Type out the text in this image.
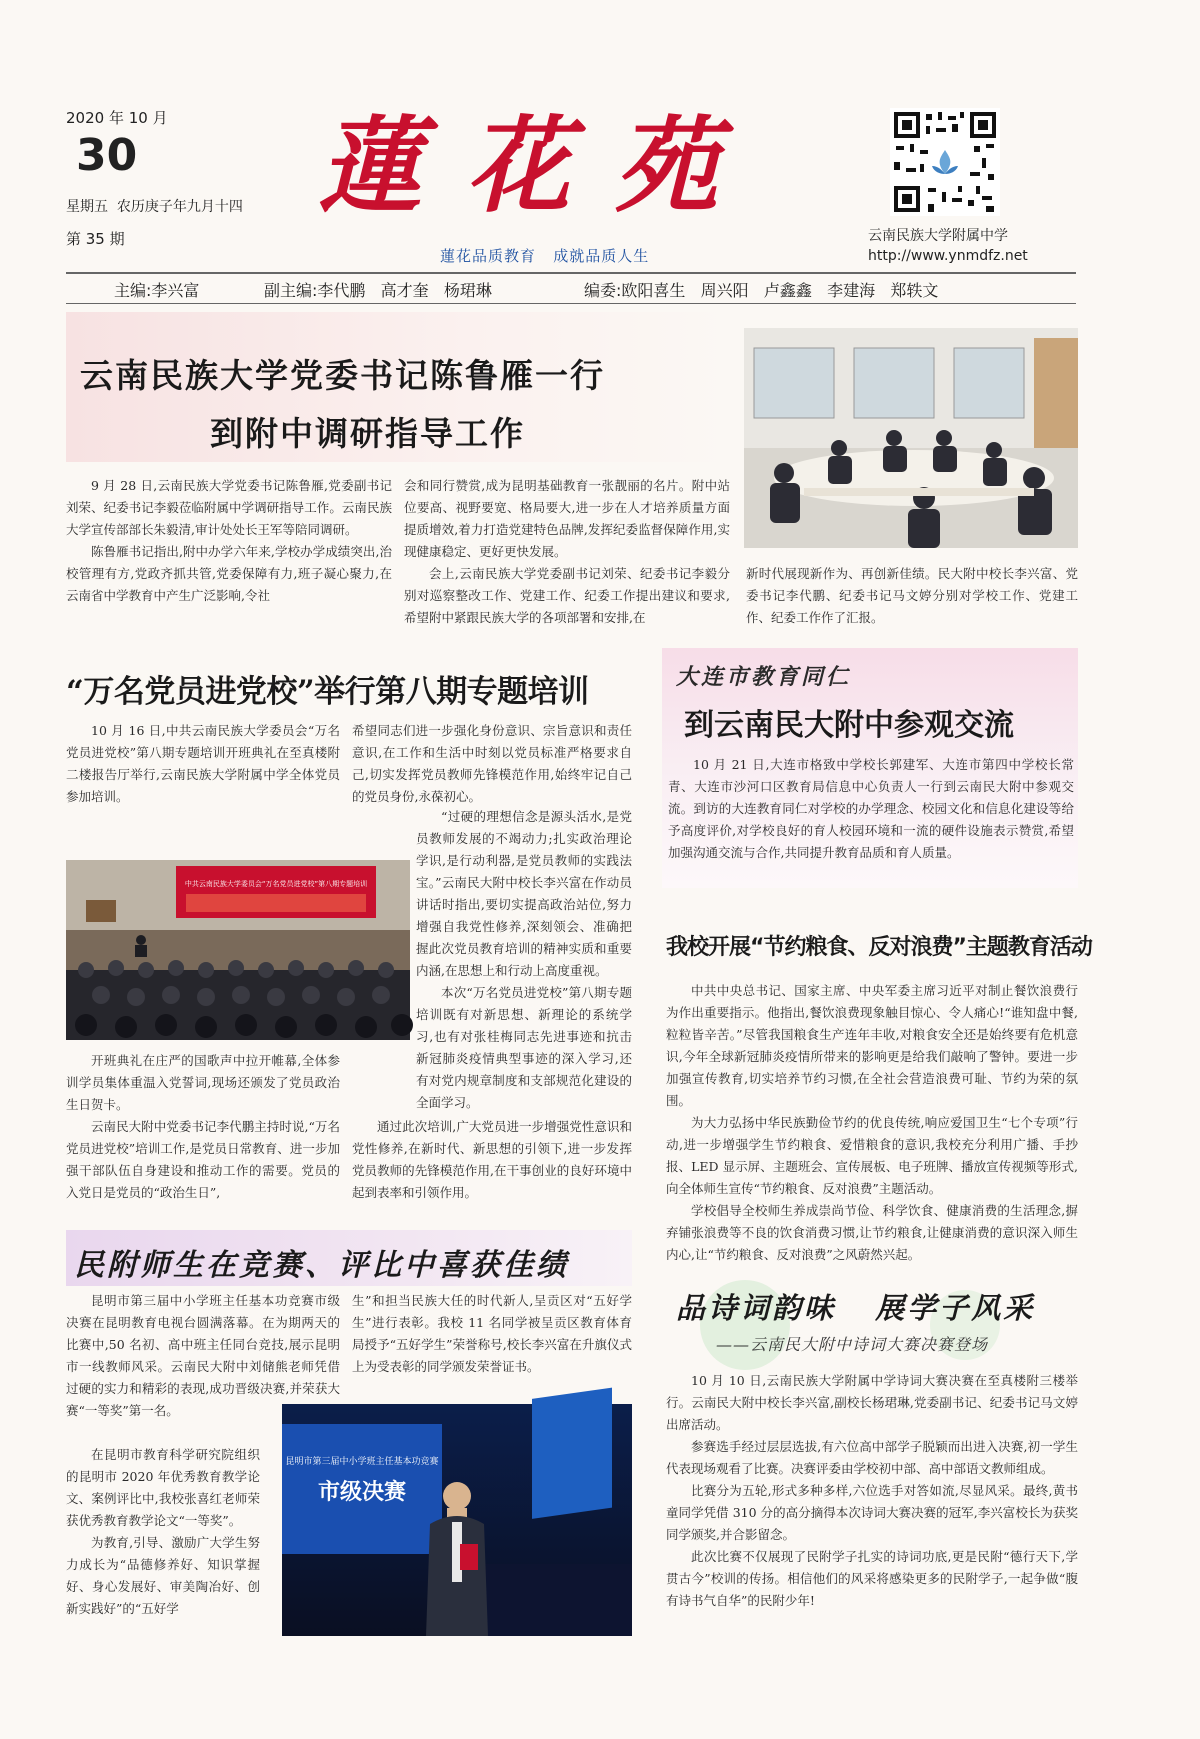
2020 年 10 月
30
星期五  农历庚子年九月十四
第 35 期
蓮 花 苑
蓮花品质教育   成就品质人生
云南民族大学附属中学
http://www.ynmdfz.net

主编:李兴富

	副主编:李代鹏   高才奎   杨珺琳

	编委:欧阳喜生   周兴阳   卢鑫鑫   李建海   郑轶文

云南民族大学党委书记陈鲁雁一行
到附中调研指导工作

9 月 28 日,云南民族大学党委书记陈鲁雁,党委副书记刘荣、纪委书记李毅莅临附属中学调研指导工作。云南民族大学宣传部部长朱毅清,审计处处长王军等陪同调研。

陈鲁雁书记指出,附中办学六年来,学校办学成绩突出,治校管理有方,党政齐抓共管,党委保障有力,班子凝心聚力,在云南省中学教育中产生广泛影响,令社

会和同行赞赏,成为昆明基础教育一张靓丽的名片。附中站位要高、视野要宽、格局要大,进一步在人才培养质量方面提质增效,着力打造党建特色品牌,发挥纪委监督保障作用,实现健康稳定、更好更快发展。

会上,云南民族大学党委副书记刘荣、纪委书记李毅分别对巡察整改工作、党建工作、纪委工作提出建议和要求,希望附中紧跟民族大学的各项部署和安排,在

新时代展现新作为、再创新佳绩。民大附中校长李兴富、党委书记李代鹏、纪委书记马文婷分别对学校工作、党建工作、纪委工作作了汇报。

“万名党员进党校”举行第八期专题培训

10 月 16 日,中共云南民族大学委员会“万名党员进党校”第八期专题培训开班典礼在至真楼附二楼报告厅举行,云南民族大学附属中学全体党员参加培训。

希望同志们进一步强化身份意识、宗旨意识和责任意识,在工作和生活中时刻以党员标准严格要求自己,切实发挥党员教师先锋模范作用,始终牢记自己的党员身份,永葆初心。

中共云南民族大学委员会“万名党员进党校”第八期专题培训

“过硬的理想信念是源头活水,是党员教师发展的不竭动力;扎实政治理论学识,是行动利器,是党员教师的实践法宝。”云南民大附中校长李兴富在作动员讲话时指出,要切实提高政治站位,努力增强自我党性修养,深刻领会、准确把握此次党员教育培训的精神实质和重要内涵,在思想上和行动上高度重视。

本次“万名党员进党校”第八期专题培训既有对新思想、新理论的系统学习,也有对张桂梅同志先进事迹和抗击新冠肺炎疫情典型事迹的深入学习,还有对党内规章制度和支部规范化建设的全面学习。

开班典礼在庄严的国歌声中拉开帷幕,全体参训学员集体重温入党誓词,现场还颁发了党员政治生日贺卡。

云南民大附中党委书记李代鹏主持时说,“万名党员进党校”培训工作,是党员日常教育、进一步加强干部队伍自身建设和推动工作的需要。党员的入党日是党员的“政治生日”,

通过此次培训,广大党员进一步增强党性意识和党性修养,在新时代、新思想的引领下,进一步发挥党员教师的先锋模范作用,在干事创业的良好环境中起到表率和引领作用。

大连市教育同仁
到云南民大附中参观交流

10 月 21 日,大连市格致中学校长郭建军、大连市第四中学校长常青、大连市沙河口区教育局信息中心负责人一行到云南民大附中参观交流。到访的大连教育同仁对学校的办学理念、校园文化和信息化建设等给予高度评价,对学校良好的育人校园环境和一流的硬件设施表示赞赏,希望加强沟通交流与合作,共同提升教育品质和育人质量。

我校开展“节约粮食、反对浪费”主题教育活动

中共中央总书记、国家主席、中央军委主席习近平对制止餐饮浪费行为作出重要指示。他指出,餐饮浪费现象触目惊心、令人痛心!“谁知盘中餐,粒粒皆辛苦。”尽管我国粮食生产连年丰收,对粮食安全还是始终要有危机意识,今年全球新冠肺炎疫情所带来的影响更是给我们敲响了警钟。要进一步加强宣传教育,切实培养节约习惯,在全社会营造浪费可耻、节约为荣的氛围。

为大力弘扬中华民族勤俭节约的优良传统,响应爱国卫生“七个专项”行动,进一步增强学生节约粮食、爱惜粮食的意识,我校充分利用广播、手抄报、LED 显示屏、主题班会、宣传展板、电子班牌、播放宣传视频等形式,向全体师生宣传“节约粮食、反对浪费”主题活动。

学校倡导全校师生养成崇尚节俭、科学饮食、健康消费的生活理念,摒弃铺张浪费等不良的饮食消费习惯,让节约粮食,让健康消费的意识深入师生内心,让“节约粮食、反对浪费”之风蔚然兴起。

民附师生在竞赛、评比中喜获佳绩

昆明市第三届中小学班主任基本功竞赛市级决赛在昆明教育电视台圆满落幕。在为期两天的比赛中,50 名初、高中班主任同台竞技,展示昆明市一线教师风采。云南民大附中刘储熊老师凭借过硬的实力和精彩的表现,成功晋级决赛,并荣获大赛“一等奖”第一名。

生”和担当民族大任的时代新人,呈贡区对“五好学生”进行表彰。我校 11 名同学被呈贡区教育体育局授予“五好学生”荣誉称号,校长李兴富在升旗仪式上为受表彰的同学颁发荣誉证书。

在昆明市教育科学研究院组织的昆明市 2020 年优秀教育教学论文、案例评比中,我校张喜红老师荣获优秀教育教学论文“一等奖”。

为教育,引导、激励广大学生努力成长为“品德修养好、知识掌握好、身心发展好、审美陶冶好、创新实践好”的“五好学

昆明市第三届中小学班主任基本功竞赛
市级决赛
品诗词韵味   展学子风采
——云南民大附中诗词大赛决赛登场

10 月 10 日,云南民族大学附属中学诗词大赛决赛在至真楼附三楼举行。云南民大附中校长李兴富,副校长杨珺琳,党委副书记、纪委书记马文婷出席活动。

参赛选手经过层层选拔,有六位高中部学子脱颖而出进入决赛,初一学生代表现场观看了比赛。决赛评委由学校初中部、高中部语文教师组成。

比赛分为五轮,形式多种多样,六位选手对答如流,尽显风采。最终,黄书童同学凭借 310 分的高分摘得本次诗词大赛决赛的冠军,李兴富校长为获奖同学颁奖,并合影留念。

此次比赛不仅展现了民附学子扎实的诗词功底,更是民附“德行天下,学贯古今”校训的传扬。相信他们的风采将感染更多的民附学子,一起争做“腹有诗书气自华”的民附少年!
